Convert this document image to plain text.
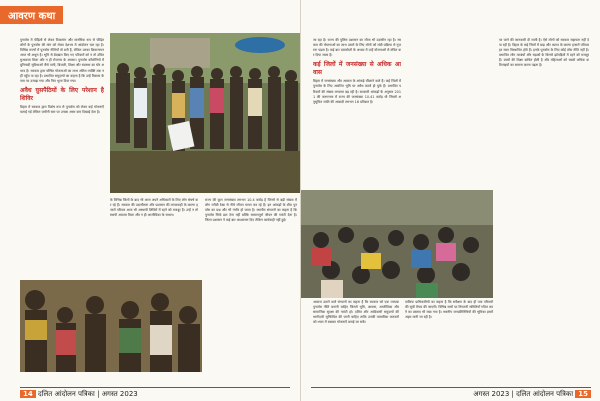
आवरण कथा
पुनर्वास में पीड़ितों से लेकर विकलांग और मानसिक रूप से पीड़ित लोगों के पुनर्वास की मांग को लेकर देशभर में आंदोलन चल रहा है। विभिन्न राज्यों में पुनर्वास नीतियाँ तो बनी हैं, लेकिन उनका क्रियान्वयन आज भी अधूरा है। भूमि से बेदखल किए गए परिवारों को न तो उचित मुआवजा मिला और न ही रोजगार के अवसर। पुनर्वास कॉलोनियों में बुनियादी सुविधाओं जैसे पानी, बिजली, शिक्षा और स्वास्थ्य का घोर अभाव है। सरकार द्वारा घोषित योजनाओं का लाभ अंतिम व्यक्ति तक नहीं पहुँच पा रहा है। प्रभावित समुदायों का कहना है कि उन्हें विकास के नाम पर उजाड़ा गया और फिर भुला दिया गया।
अवैध घुसपैठियों के लिए परेशान है शिविर
बिहार में सरकार द्वारा विशेष रूप से पुनर्वास को लेकर कई योजनाएँ चलाई गईं लेकिन जमीनी स्तर पर उनका असर कम दिखाई देता है।
के विभिन्न जिलों के बाद भी आज अपने अधिकारों के लिए लोग संघर्ष कर रहे हैं। सरकार की उदासीनता और प्रशासन की लापरवाही के कारण हजारों परिवार आज भी अस्थायी शिविरों में रहने को मजबूर हैं। उन्हें न तो स्थायी आवास मिला और न ही आजीविका के साधन।
राज्य की कुल जनसंख्या लगभग 10.4 करोड़ है जिनमें से बड़ी संख्या में लोग गरीबी रेखा से नीचे जीवन यापन कर रहे हैं। इन आंकड़ों के बीच पुनर्वास का प्रश्न और भी गंभीर हो जाता है। स्थानीय संगठनों का कहना है कि पुनर्वास सिर्फ छत देना नहीं बल्कि सम्मानपूर्ण जीवन की गारंटी देना है। जिला प्रशासन ने कई बार आश्वासन दिए लेकिन कार्यवाही नहीं हुई।
14 दलित आंदोलन पत्रिका | अगस्त 2023
जा रहा है। राज्य की पुलिस प्रशासन का रवैया भी उदासीन रहा है। सरकार की योजनाओं का लाभ उठाने के लिए लोगों को लंबी प्रक्रिया से गुजरना पड़ता है। कई बार दस्तावेजों के अभाव में उन्हें योजनाओं से वंचित कर दिया जाता है।
कई जिलों में जनसंख्या से अधिक आवास
बिहार में जनसंख्या और आवास के आंकड़े चौंकाने वाले हैं। कई जिलों में पुनर्वास के लिए आवंटित भूमि पर अवैध कब्जे हो चुके हैं। प्रभावित परिवारों की संख्या लगातार बढ़ रही है। सरकारी आंकड़ों के अनुसार 2011 की जनगणना में राज्य की जनसंख्या 10.41 करोड़ थी जिसमें अनुसूचित जाति की आबादी लगभग 16 प्रतिशत है।
पर जाने की जानकारी दी जाती है। ऐसे लोगों को सरकार सहायता नहीं दे पा रही है। बिहार के कई जिलों में बाढ़ और कटाव के कारण हजारों परिवार हर साल विस्थापित होते हैं। इनके पुनर्वास के लिए कोई ठोस नीति नहीं है। प्रभावित लोग तटबंधों और सड़कों के किनारे झोपड़ियों में रहने को मजबूर हैं। बच्चों की शिक्षा बाधित होती है और महिलाओं को सबसे अधिक कठिनाइयों का सामना करना पड़ता है।
आवाज उठाने वाले संगठनों का कहना है कि सरकार को एक व्यापक पुनर्वास नीति बनानी चाहिए जिसमें भूमि, आवास, आजीविका और सामाजिक सुरक्षा की गारंटी हो। दलित और आदिवासी समुदायों की भागीदारी सुनिश्चित की जानी चाहिए ताकि उनकी वास्तविक जरूरतों को ध्यान में रखकर योजनाएँ बनाई जा सकें।
वाकिफ प्राधिकारियों का कहना है कि सर्वेक्षण के बाद ही पात्र परिवारों की सूची तैयार की जाएगी। विभिन्न स्तरों पर निगरानी समितियाँ गठित करने का प्रस्ताव भी रखा गया है। स्थानीय जनप्रतिनिधियों की भूमिका इसमें अहम मानी जा रही है।
अगस्त 2023 | दलित आंदोलन पत्रिका 15
